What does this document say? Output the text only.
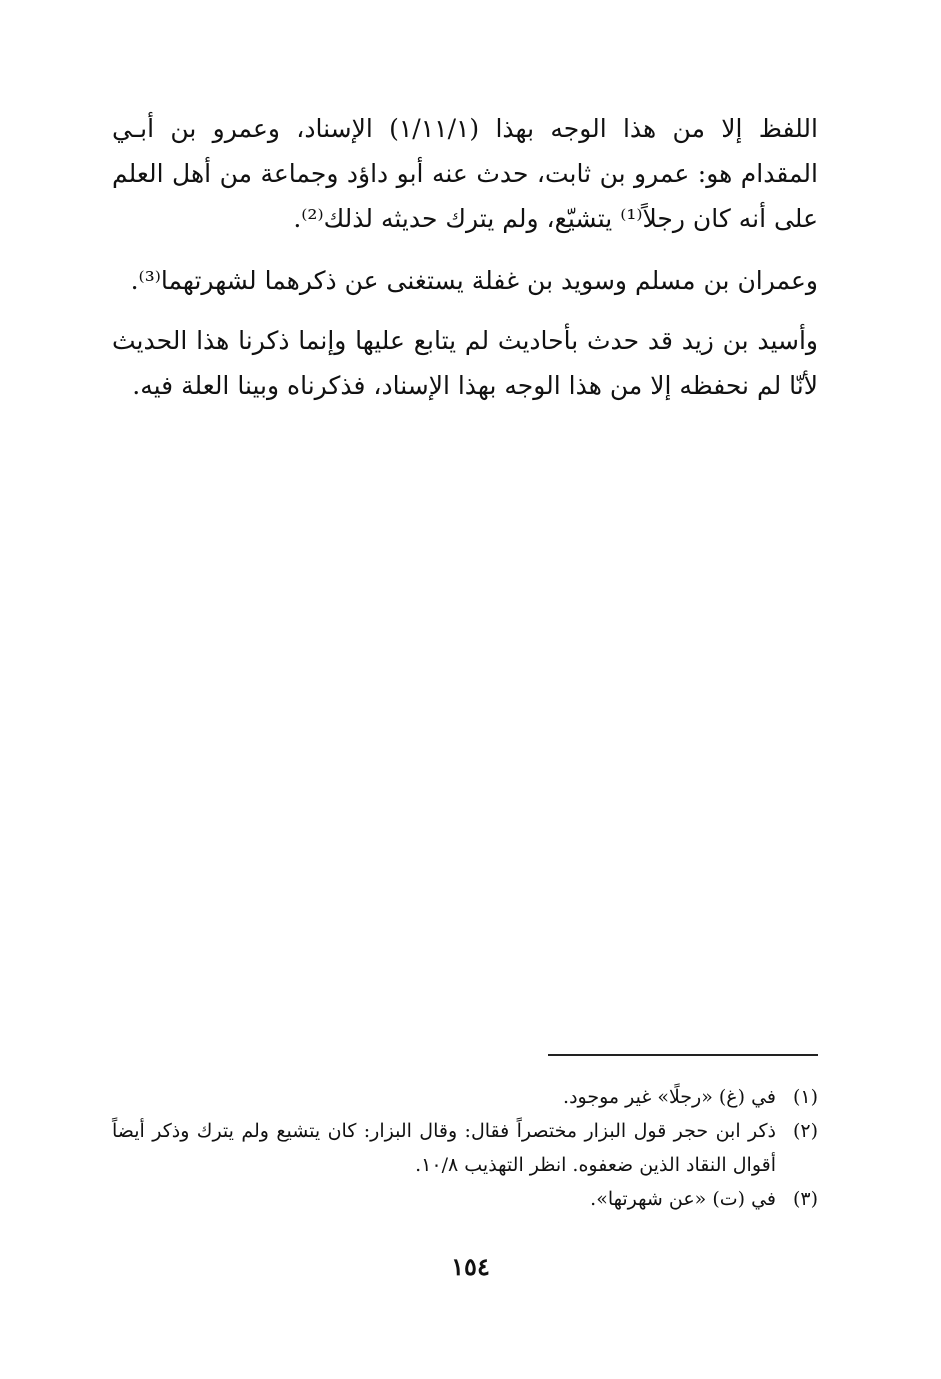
اللفظ إلا من هذا الوجه بهذا (١/١١/١) الإسناد، وعمرو بن أبـي المقدام هو: عمرو بن ثابت، حدث عنه أبو داؤد وجماعة من أهل العلم على أنه كان رجلاً⁽¹⁾ يتشيّع، ولم يترك حديثه لذلك⁽²⁾.
وعمران بن مسلم وسويد بن غفلة يستغنى عن ذكرهما لشهرتهما⁽³⁾.
وأسيد بن زيد قد حدث بأحاديث لم يتابع عليها وإنما ذكرنا هذا الحديث لأنّا لم نحفظه إلا من هذا الوجه بهذا الإسناد، فذكرناه وبينا العلة فيه.
(١)
في (غ) «رجلًا» غير موجود.
(٢)
ذكر ابن حجر قول البزار مختصراً فقال: وقال البزار: كان يتشيع ولم يترك وذكر أيضاً أقوال النقاد الذين ضعفوه. انظر التهذيب ١٠/٨.
(٣)
في (ت) «عن شهرتها».
١٥٤
